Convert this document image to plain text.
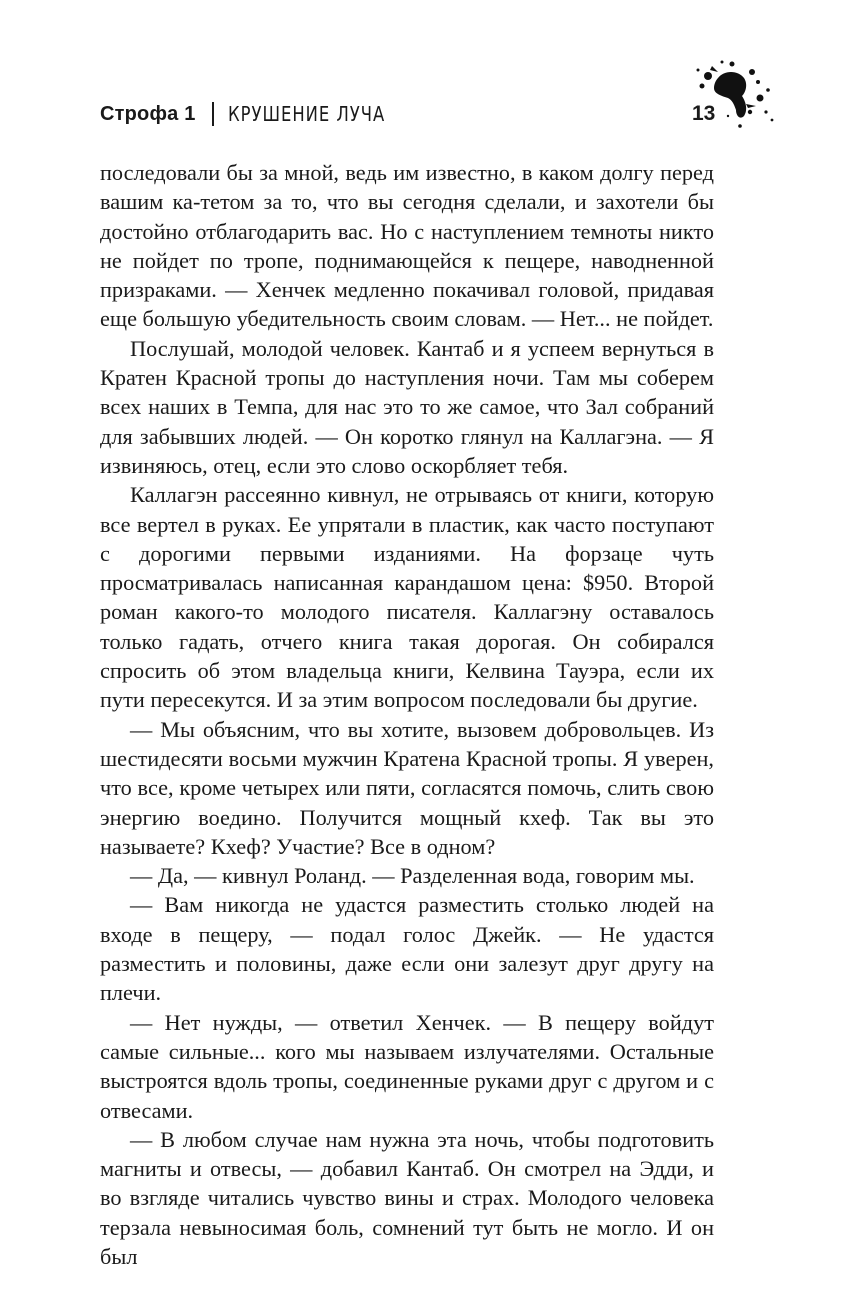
Строфа 1 КРУШЕНИЕ ЛУЧА	13

последовали бы за мной, ведь им известно, в каком долгу перед вашим ка-тетом за то, что вы сегодня сделали, и захотели бы достойно отблагодарить вас. Но с наступлением темноты никто не пойдет по тропе, поднимающейся к пещере, наводненной призраками. — Хенчек медленно покачивал головой, придавая еще большую убедительность своим словам. — Нет... не пойдет.

Послушай, молодой человек. Кантаб и я успеем вернуться в Кратен Красной тропы до наступления ночи. Там мы соберем всех наших в Темпа, для нас это то же самое, что Зал собраний для забывших людей. — Он коротко глянул на Каллагэна. — Я извиняюсь, отец, если это слово оскорбляет тебя.

Каллагэн рассеянно кивнул, не отрываясь от книги, которую все вертел в руках. Ее упрятали в пластик, как часто поступают с дорогими первыми изданиями. На форзаце чуть просматривалась написанная карандашом цена: $950. Второй роман какого-то молодого писателя. Каллагэну оставалось только гадать, отчего книга такая дорогая. Он собирался спросить об этом владельца книги, Келвина Тауэра, если их пути пересекутся. И за этим вопросом последовали бы другие.

— Мы объясним, что вы хотите, вызовем добровольцев. Из шестидесяти восьми мужчин Кратена Красной тропы. Я уверен, что все, кроме четырех или пяти, согласятся помочь, слить свою энергию воедино. Получится мощный кхеф. Так вы это называете? Кхеф? Участие? Все в одном?

— Да, — кивнул Роланд. — Разделенная вода, говорим мы.

— Вам никогда не удастся разместить столько людей на входе в пещеру, — подал голос Джейк. — Не удастся разместить и половины, даже если они залезут друг другу на плечи.

— Нет нужды, — ответил Хенчек. — В пещеру войдут самые сильные... кого мы называем излучателями. Остальные выстроятся вдоль тропы, соединенные руками друг с другом и с отвесами.

— В любом случае нам нужна эта ночь, чтобы подготовить магниты и отвесы, — добавил Кантаб. Он смотрел на Эдди, и во взгляде читались чувство вины и страх. Молодого человека терзала невыносимая боль, сомнений тут быть не могло. И он был
